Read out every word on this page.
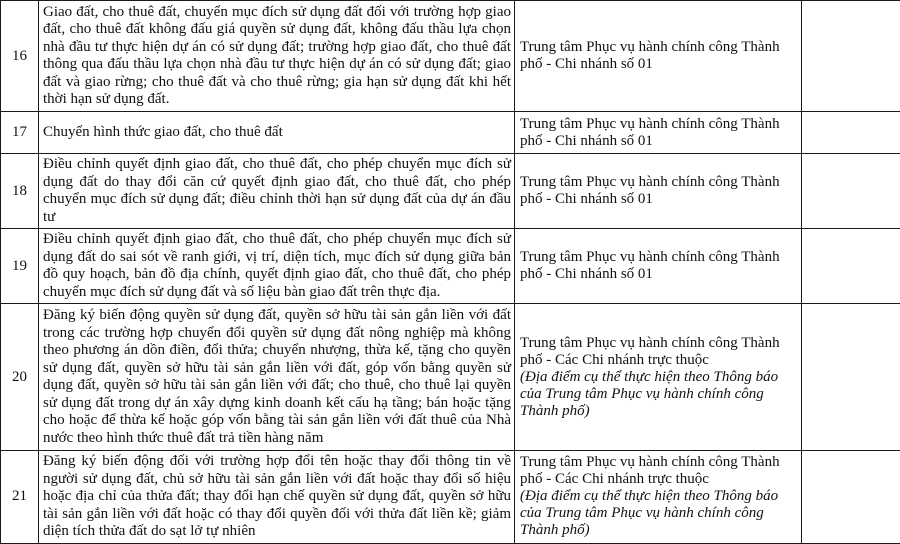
16	Giao đất, cho thuê đất, chuyển mục đích sử dụng đất đối với trường hợp giao đất, cho thuê đất không đấu giá quyền sử dụng đất, không đấu thầu lựa chọn nhà đầu tư thực hiện dự án có sử dụng đất; trường hợp giao đất, cho thuê đất thông qua đấu thầu lựa chọn nhà đầu tư thực hiện dự án có sử dụng đất; giao đất và giao rừng; cho thuê đất và cho thuê rừng; gia hạn sử dụng đất khi hết thời hạn sử dụng đất.	Trung tâm Phục vụ hành chính công Thành phố - Chi nhánh số 01	

17	Chuyển hình thức giao đất, cho thuê đất	Trung tâm Phục vụ hành chính công Thành phố - Chi nhánh số 01	

18	Điều chỉnh quyết định giao đất, cho thuê đất, cho phép chuyển mục đích sử dụng đất do thay đổi căn cứ quyết định giao đất, cho thuê đất, cho phép chuyển mục đích sử dụng đất; điều chỉnh thời hạn sử dụng đất của dự án đầu tư	Trung tâm Phục vụ hành chính công Thành phố - Chi nhánh số 01	

19	Điều chỉnh quyết định giao đất, cho thuê đất, cho phép chuyển mục đích sử dụng đất do sai sót về ranh giới, vị trí, diện tích, mục đích sử dụng giữa bản đồ quy hoạch, bản đồ địa chính, quyết định giao đất, cho thuê đất, cho phép chuyển mục đích sử dụng đất và số liệu bàn giao đất trên thực địa.	Trung tâm Phục vụ hành chính công Thành phố - Chi nhánh số 01	

20	Đăng ký biến động quyền sử dụng đất, quyền sở hữu tài sản gắn liền với đất trong các trường hợp chuyển đổi quyền sử dụng đất nông nghiệp mà không theo phương án dồn điền, đổi thửa; chuyển nhượng, thừa kế, tặng cho quyền sử dụng đất, quyền sở hữu tài sản gắn liền với đất, góp vốn bằng quyền sử dụng đất, quyền sở hữu tài sản gắn liền với đất; cho thuê, cho thuê lại quyền sử dụng đất trong dự án xây dựng kinh doanh kết cấu hạ tầng; bán hoặc tặng cho hoặc để thừa kế hoặc góp vốn bằng tài sản gắn liền với đất thuê của Nhà nước theo hình thức thuê đất trả tiền hàng năm	Trung tâm Phục vụ hành chính công Thành phố - Các Chi nhánh trực thuộc
(Địa điểm cụ thể thực hiện theo Thông báo của Trung tâm Phục vụ hành chính công Thành phố)	

21	Đăng ký biến động đối với trường hợp đổi tên hoặc thay đổi thông tin về người sử dụng đất, chủ sở hữu tài sản gắn liền với đất hoặc thay đổi số hiệu hoặc địa chỉ của thửa đất; thay đổi hạn chế quyền sử dụng đất, quyền sở hữu tài sản gắn liền với đất hoặc có thay đổi quyền đối với thửa đất liền kề; giảm diện tích thửa đất do sạt lở tự nhiên	Trung tâm Phục vụ hành chính công Thành phố - Các Chi nhánh trực thuộc
(Địa điểm cụ thể thực hiện theo Thông báo của Trung tâm Phục vụ hành chính công Thành phố)	
